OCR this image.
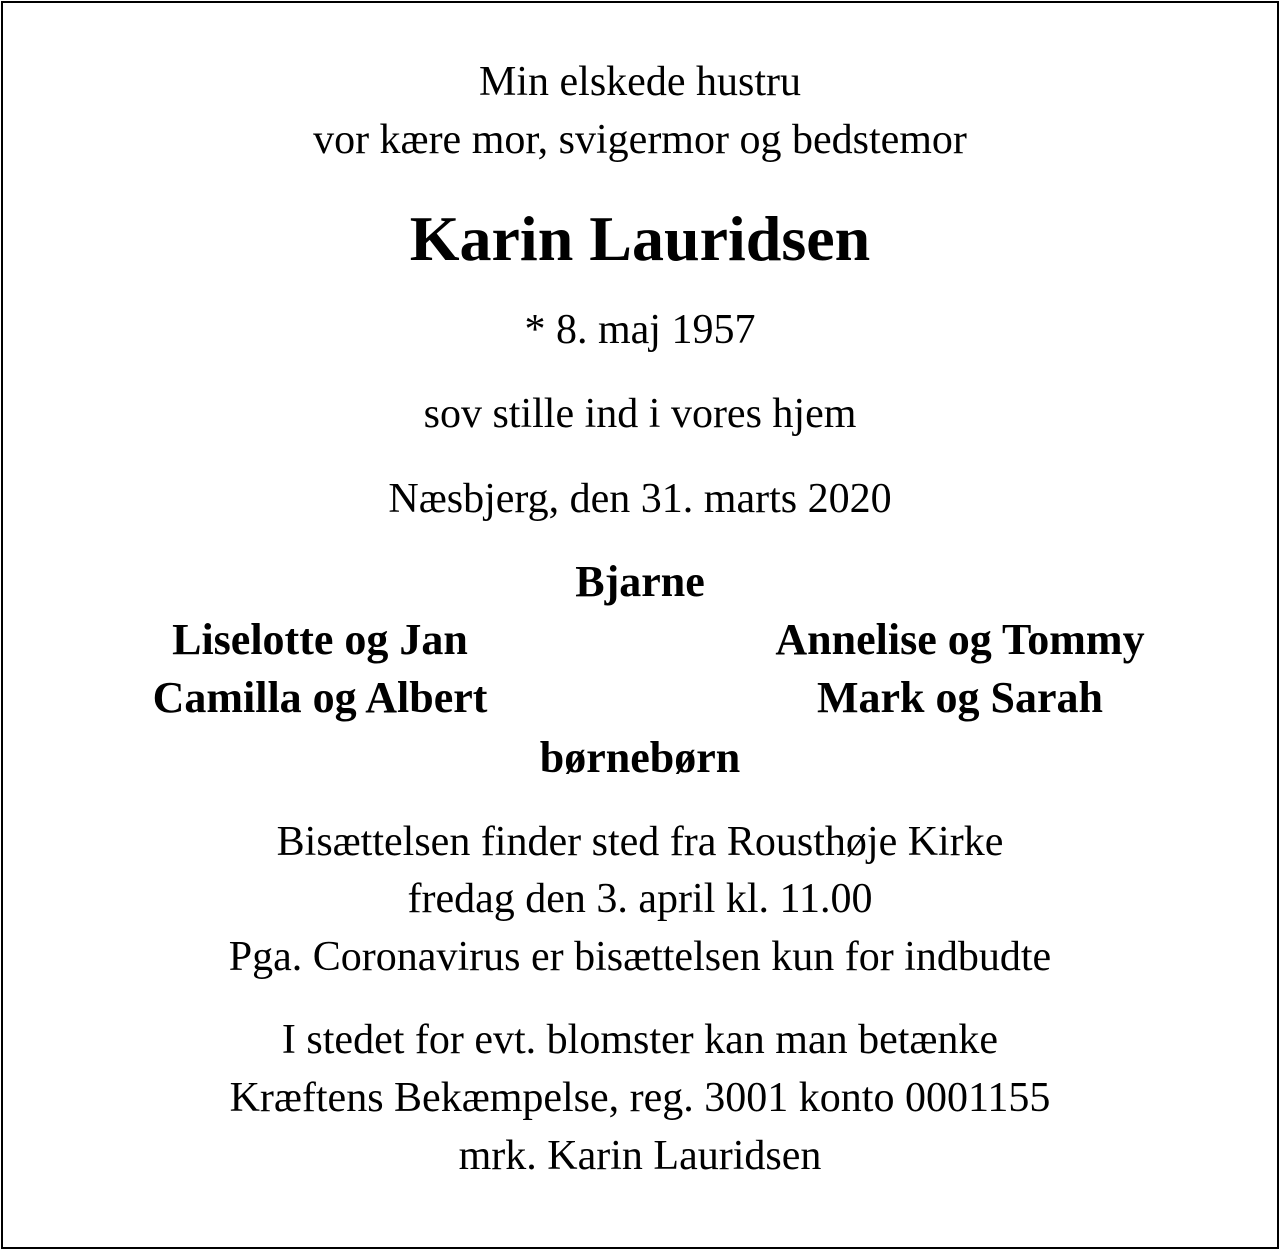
Min elskede hustru
vor kære mor, svigermor og bedstemor
Karin Lauridsen
* 8. maj 1957
sov stille ind i vores hjem
Næsbjerg, den 31. marts 2020
Bjarne
Liselotte og Jan	Annelise og Tommy
Camilla og Albert	Mark og Sarah
børnebørn
Bisættelsen finder sted fra Rousthøje Kirke
fredag den 3. april kl. 11.00
Pga. Coronavirus er bisættelsen kun for indbudte
I stedet for evt. blomster kan man betænke
Kræftens Bekæmpelse, reg. 3001 konto 0001155
mrk. Karin Lauridsen
